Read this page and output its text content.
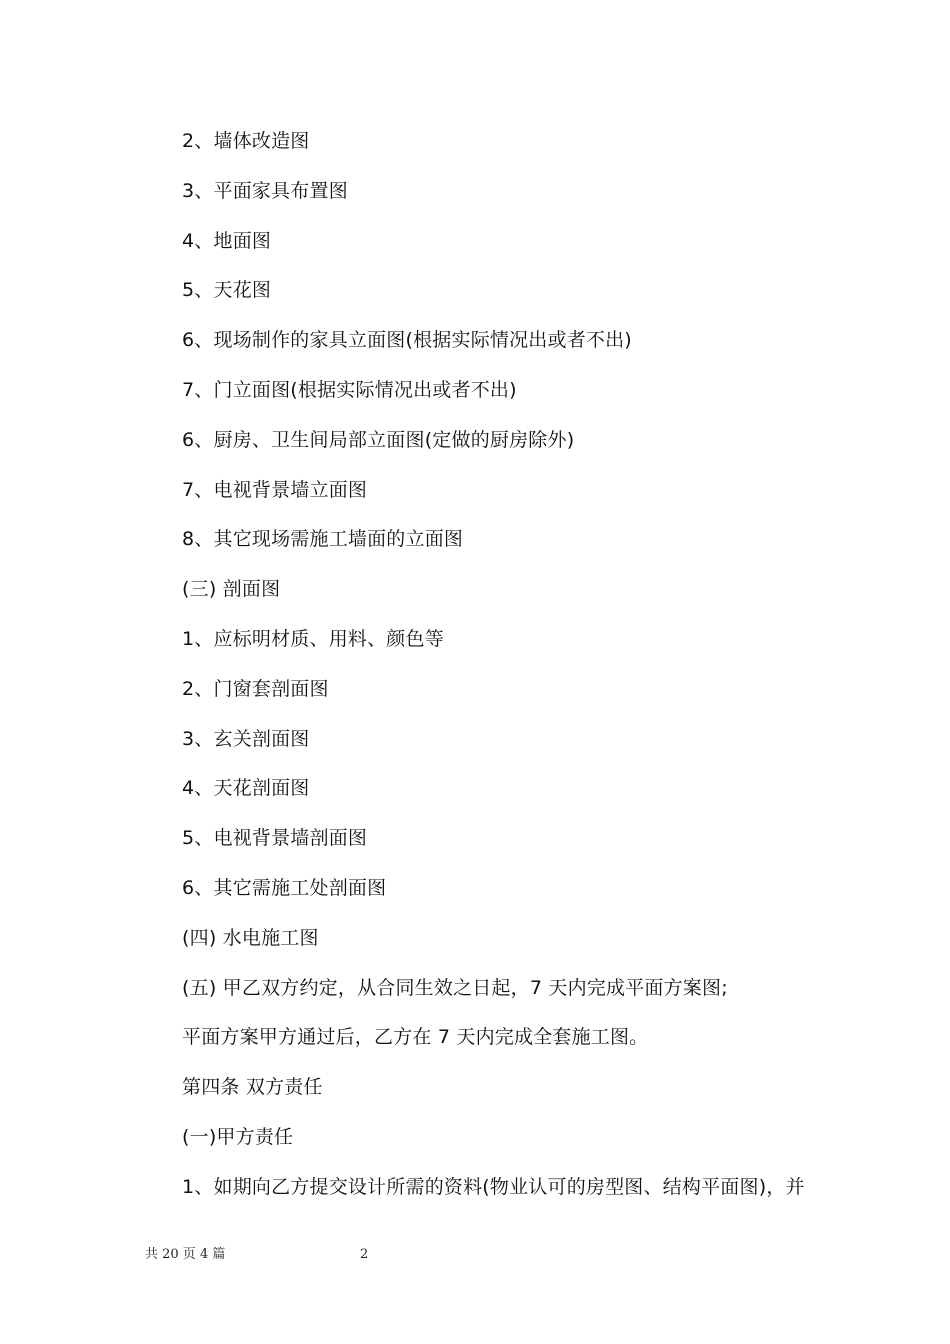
2、墙体改造图
3、平面家具布置图
4、地面图
5、天花图
6、现场制作的家具立面图(根据实际情况出或者不出)
7、门立面图(根据实际情况出或者不出)
6、厨房、卫生间局部立面图(定做的厨房除外)
7、电视背景墙立面图
8、其它现场需施工墙面的立面图
(三) 剖面图
1、应标明材质、用料、颜色等
2、门窗套剖面图
3、玄关剖面图
4、天花剖面图
5、电视背景墙剖面图
6、其它需施工处剖面图
(四) 水电施工图
(五) 甲乙双方约定，从合同生效之日起，7 天内完成平面方案图;
平面方案甲方通过后，乙方在 7 天内完成全套施工图。
第四条 双方责任
(一)甲方责任
1、如期向乙方提交设计所需的资料(物业认可的房型图、结构平面图)，并
共 20 页 4 篇	2
